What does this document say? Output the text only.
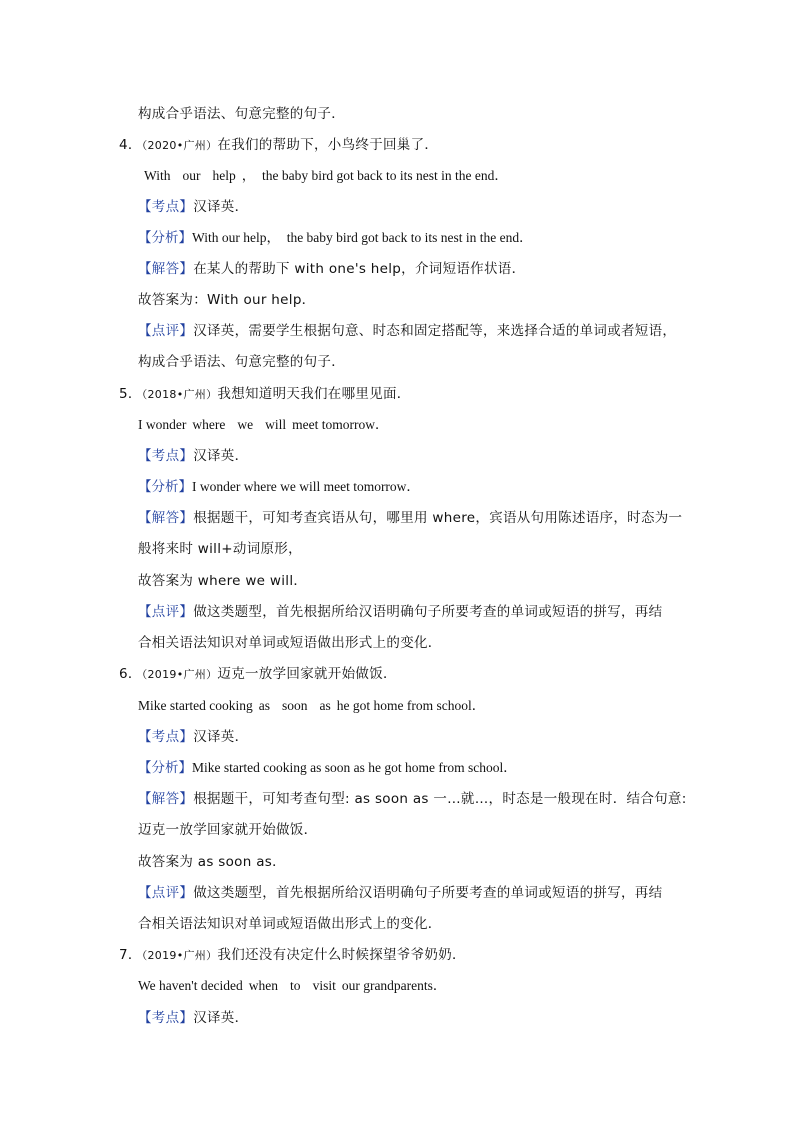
构成合乎语法、句意完整的句子．
4．（2020•广州）在我们的帮助下，小鸟终于回巢了．
With our help ，　the baby bird got back to its nest in the end．
【考点】汉译英．
【分析】With our help，　the baby bird got back to its nest in the end．
【解答】在某人的帮助下 with one's help，介词短语作状语．
故答案为：With our help．
【点评】汉译英，需要学生根据句意、时态和固定搭配等，来选择合适的单词或者短语，
构成合乎语法、句意完整的句子．
5．（2018•广州）我想知道明天我们在哪里见面．
I wonder where we will meet tomorrow．
【考点】汉译英．
【分析】I wonder where we will meet tomorrow．
【解答】根据题干，可知考查宾语从句，哪里用 where，宾语从句用陈述语序，时态为一
般将来时 will+动词原形，
故答案为 where we will．
【点评】做这类题型，首先根据所给汉语明确句子所要考查的单词或短语的拼写，再结
合相关语法知识对单词或短语做出形式上的变化．
6．（2019•广州）迈克一放学回家就开始做饭．
Mike started cooking as soon as he got home from school．
【考点】汉译英．
【分析】Mike started cooking as soon as he got home from school．
【解答】根据题干，可知考查句型: as soon as 一…就…，时态是一般现在时．结合句意:
迈克一放学回家就开始做饭．
故答案为 as soon as．
【点评】做这类题型，首先根据所给汉语明确句子所要考查的单词或短语的拼写，再结
合相关语法知识对单词或短语做出形式上的变化．
7．（2019•广州）我们还没有决定什么时候探望爷爷奶奶．
We haven't decided when to visit our grandparents．
【考点】汉译英．
